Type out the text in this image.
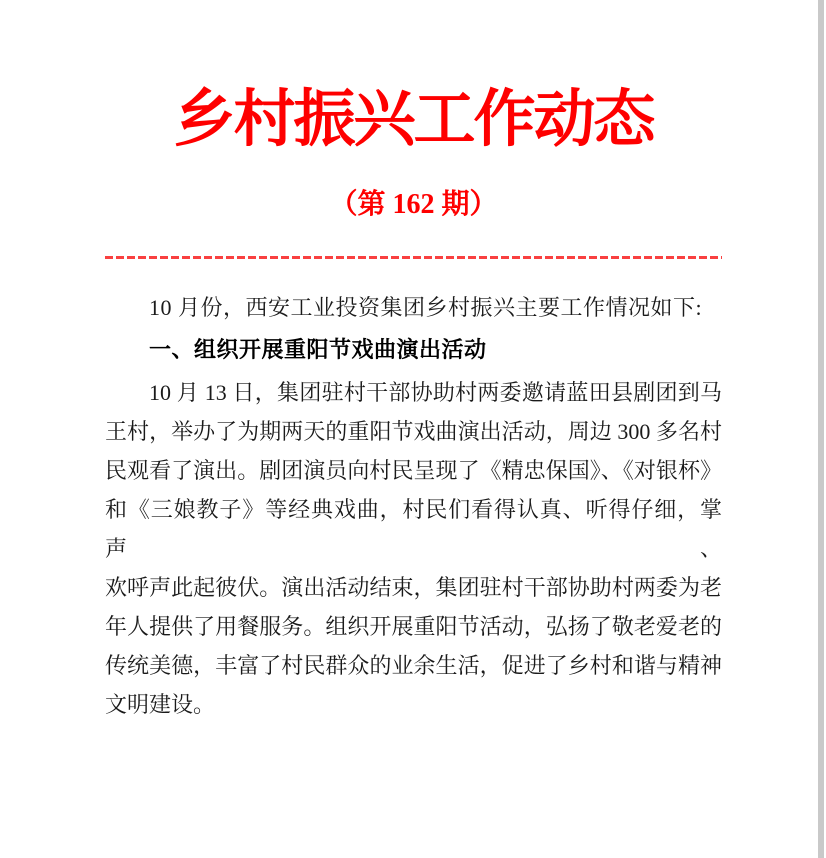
乡村振兴工作动态
（第 162 期）

10 月份，西安工业投资集团乡村振兴主要工作情况如下:

一、组织开展重阳节戏曲演出活动
10 月 13 日，集团驻村干部协助村两委邀请蓝田县剧团到马
王村，举办了为期两天的重阳节戏曲演出活动，周边 300 多名村
民观看了演出。剧团演员向村民呈现了《精忠保国》、《对银杯》
和《三娘教子》等经典戏曲，村民们看得认真、听得仔细，掌声、
欢呼声此起彼伏。演出活动结束，集团驻村干部协助村两委为老
年人提供了用餐服务。组织开展重阳节活动，弘扬了敬老爱老的
传统美德，丰富了村民群众的业余生活，促进了乡村和谐与精神
文明建设。
